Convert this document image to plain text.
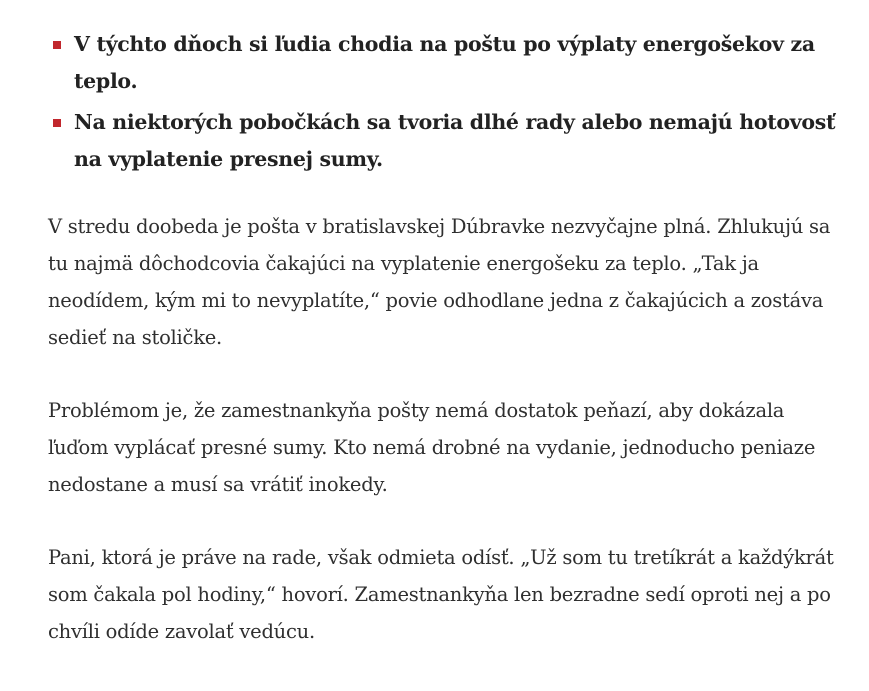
V týchto dňoch si ľudia chodia na poštu po výplaty energošekov za teplo.
Na niektorých pobočkách sa tvoria dlhé rady alebo nemajú hotovosť na vyplatenie presnej sumy.

V stredu doobeda je pošta v bratislavskej Dúbravke nezvyčajne plná. Zhlukujú sa tu najmä dôchodcovia čakajúci na vyplatenie energošeku za teplo. „Tak ja neodídem, kým mi to nevyplatíte,“ povie odhodlane jedna z čakajúcich a zostáva sedieť na stoličke.

Problémom je, že zamestnankyňa pošty nemá dostatok peňazí, aby dokázala ľuďom vyplácať presné sumy. Kto nemá drobné na vydanie, jednoducho peniaze nedostane a musí sa vrátiť inokedy.

Pani, ktorá je práve na rade, však odmieta odísť. „Už som tu tretíkrát a každýkrát som čakala pol hodiny,“ hovorí. Zamestnankyňa len bezradne sedí oproti nej a po chvíli odíde zavolať vedúcu.
